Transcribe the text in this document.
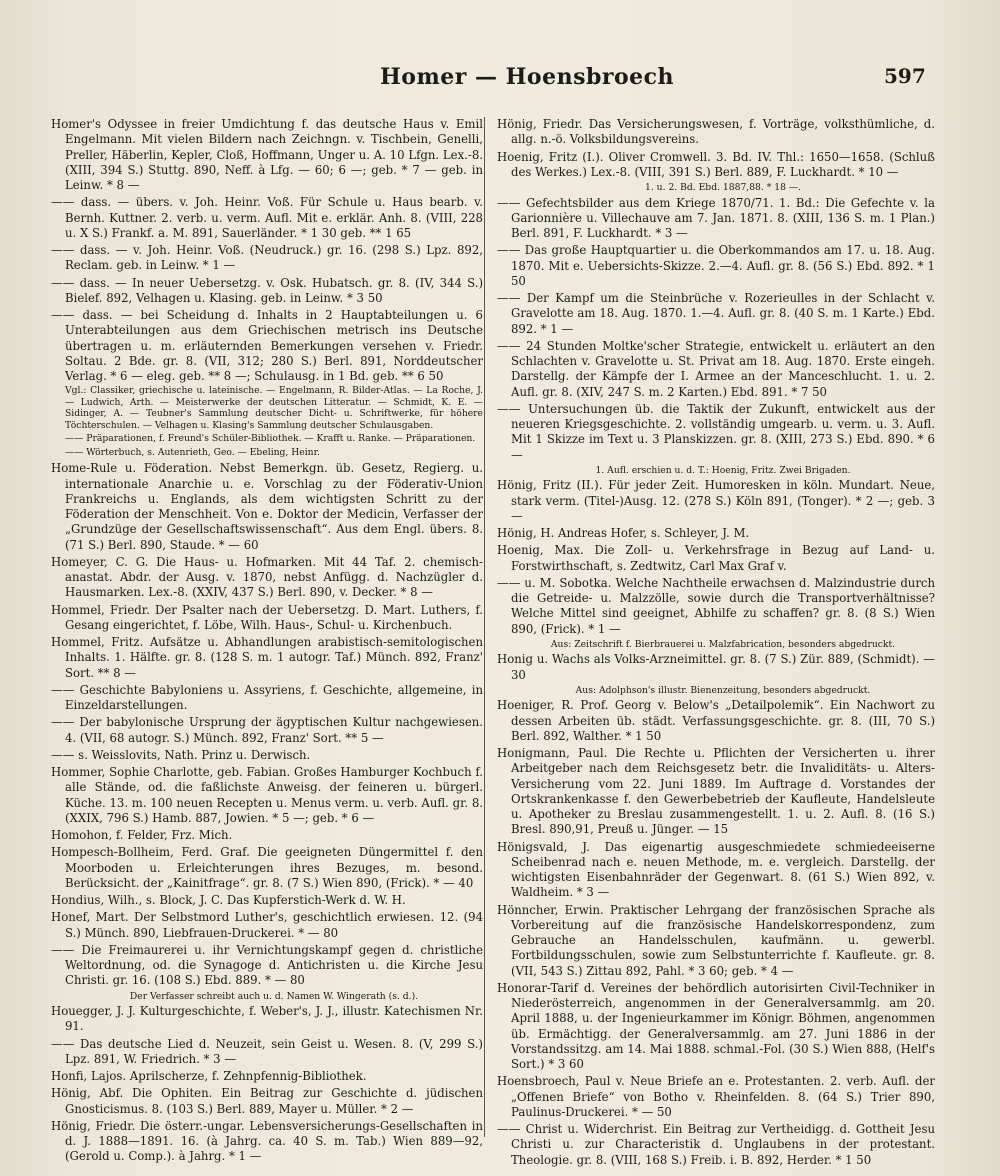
Homer — Hoensbroech	597
Homer's Odyssee in freier Umdichtung f. das deutsche Haus v. Emil Engelmann. Mit vielen Bildern nach Zeichngn. v. Tischbein, Genelli, Preller, Häberlin, Kepler, Cloß, Hoffmann, Unger u. A. 10 Lfgn. Lex.-8. (XIII, 394 S.) Stuttg. 890, Neff. à Lfg. — 60; 6 —; geb. * 7 — geb. in Leinw. * 8 —
—— dass. — übers. v. Joh. Heinr. Voß. Für Schule u. Haus bearb. v. Bernh. Kuttner. 2. verb. u. verm. Aufl. Mit e. erklär. Anh. 8. (VIII, 228 u. X S.) Frankf. a. M. 891, Sauerländer. * 1 30 geb. ** 1 65
—— dass. — v. Joh. Heinr. Voß. (Neudruck.) gr. 16. (298 S.) Lpz. 892, Reclam. geb. in Leinw. * 1 —
—— dass. — In neuer Uebersetzg. v. Osk. Hubatsch. gr. 8. (IV, 344 S.) Bielef. 892, Velhagen u. Klasing. geb. in Leinw. * 3 50
—— dass. — bei Scheidung d. Inhalts in 2 Hauptabteilungen u. 6 Unterabteilungen aus dem Griechischen metrisch ins Deutsche übertragen u. m. erläuternden Bemerkungen versehen v. Friedr. Soltau. 2 Bde. gr. 8. (VII, 312; 280 S.) Berl. 891, Norddeutscher Verlag. * 6 — eleg. geb. ** 8 —; Schulausg. in 1 Bd. geb. ** 6 50
Vgl.: Classiker, griechische u. lateinische. — Engelmann, R. Bilder-Atlas. — La Roche, J. — Ludwich, Arth. — Meisterwerke der deutschen Litteratur. — Schmidt, K. E. — Sidinger, A. — Teubner's Sammlung deutscher Dicht- u. Schriftwerke, für höhere Töchterschulen. — Velhagen u. Klasing's Sammlung deutscher Schulausgaben.
—— Präparationen, f. Freund's Schüler-Bibliothek. — Krafft u. Ranke. — Präparationen.
—— Wörterbuch, s. Autenrieth, Geo. — Ebeling, Heinr.
Home-Rule u. Föderation. Nebst Bemerkgn. üb. Gesetz, Regierg. u. internationale Anarchie u. e. Vorschlag zu der Föderativ-Union Frankreichs u. Englands, als dem wichtigsten Schritt zu der Föderation der Menschheit. Von e. Doktor der Medicin, Verfasser der „Grundzüge der Gesellschaftswissenschaft“. Aus dem Engl. übers. 8. (71 S.) Berl. 890, Staude. * — 60
Homeyer, C. G. Die Haus- u. Hofmarken. Mit 44 Taf. 2. chemisch-anastat. Abdr. der Ausg. v. 1870, nebst Anfügg. d. Nachzügler d. Hausmarken. Lex.-8. (XXIV, 437 S.) Berl. 890, v. Decker. * 8 —
Hommel, Friedr. Der Psalter nach der Uebersetzg. D. Mart. Luthers, f. Gesang eingerichtet, f. Löbe, Wilh. Haus-, Schul- u. Kirchenbuch.
Hommel, Fritz. Aufsätze u. Abhandlungen arabistisch-semitologischen Inhalts. 1. Hälfte. gr. 8. (128 S. m. 1 autogr. Taf.) Münch. 892, Franz' Sort. ** 8 —
—— Geschichte Babyloniens u. Assyriens, f. Geschichte, allgemeine, in Einzeldarstellungen.
—— Der babylonische Ursprung der ägyptischen Kultur nachgewiesen. 4. (VII, 68 autogr. S.) Münch. 892, Franz' Sort. ** 5 —
—— s. Weisslovits, Nath. Prinz u. Derwisch.
Hommer, Sophie Charlotte, geb. Fabian. Großes Hamburger Kochbuch f. alle Stände, od. die faßlichste Anweisg. der feineren u. bürgerl. Küche. 13. m. 100 neuen Recepten u. Menus verm. u. verb. Aufl. gr. 8. (XXIX, 796 S.) Hamb. 887, Jowien. * 5 —; geb. * 6 —
Homohon, f. Felder, Frz. Mich.
Hompesch-Bollheim, Ferd. Graf. Die geeigneten Düngermittel f. den Moorboden u. Erleichterungen ihres Bezuges, m. besond. Berücksicht. der „Kainitfrage“. gr. 8. (7 S.) Wien 890, (Frick). * — 40
Hondius, Wilh., s. Block, J. C. Das Kupferstich-Werk d. W. H.
Honef, Mart. Der Selbstmord Luther's, geschichtlich erwiesen. 12. (94 S.) Münch. 890, Liebfrauen-Druckerei. * — 80
—— Die Freimaurerei u. ihr Vernichtungskampf gegen d. christliche Weltordnung, od. die Synagoge d. Antichristen u. die Kirche Jesu Christi. gr. 16. (108 S.) Ebd. 889. * — 80
Der Verfasser schreibt auch u. d. Namen W. Wingerath (s. d.).
Houegger, J. J. Kulturgeschichte, f. Weber's, J. J., illustr. Katechismen Nr. 91.
—— Das deutsche Lied d. Neuzeit, sein Geist u. Wesen. 8. (V, 299 S.) Lpz. 891, W. Friedrich. * 3 —
Honfi, Lajos. Aprilscherze, f. Zehnpfennig-Bibliothek.
Hönig, Abf. Die Ophiten. Ein Beitrag zur Geschichte d. jüdischen Gnosticismus. 8. (103 S.) Berl. 889, Mayer u. Müller. * 2 —
Hönig, Friedr. Die österr.-ungar. Lebensversicherungs-Gesellschaften in d. J. 1888—1891. 16. (à Jahrg. ca. 40 S. m. Tab.) Wien 889—92, (Gerold u. Comp.). à Jahrg. * 1 —
Hönig, Friedr. Das Versicherungswesen, f. Vorträge, volksthümliche, d. allg. n.-ö. Volksbildungsvereins.
Hoenig, Fritz (I.). Oliver Cromwell. 3. Bd. IV. Thl.: 1650—1658. (Schluß des Werkes.) Lex.-8. (VIII, 391 S.) Berl. 889, F. Luckhardt. * 10 —
1. u. 2. Bd. Ebd. 1887,88. * 18 —.
—— Gefechtsbilder aus dem Kriege 1870/71. 1. Bd.: Die Gefechte v. la Garionnière u. Villechauve am 7. Jan. 1871. 8. (XIII, 136 S. m. 1 Plan.) Berl. 891, F. Luckhardt. * 3 —
—— Das große Hauptquartier u. die Oberkommandos am 17. u. 18. Aug. 1870. Mit e. Uebersichts-Skizze. 2.—4. Aufl. gr. 8. (56 S.) Ebd. 892. * 1 50
—— Der Kampf um die Steinbrüche v. Rozerieulles in der Schlacht v. Gravelotte am 18. Aug. 1870. 1.—4. Aufl. gr. 8. (40 S. m. 1 Karte.) Ebd. 892. * 1 —
—— 24 Stunden Moltke'scher Strategie, entwickelt u. erläutert an den Schlachten v. Gravelotte u. St. Privat am 18. Aug. 1870. Erste eingeh. Darstellg. der Kämpfe der I. Armee an der Manceschlucht. 1. u. 2. Aufl. gr. 8. (XIV, 247 S. m. 2 Karten.) Ebd. 891. * 7 50
—— Untersuchungen üb. die Taktik der Zukunft, entwickelt aus der neueren Kriegsgeschichte. 2. vollständig umgearb. u. verm. u. 3. Aufl. Mit 1 Skizze im Text u. 3 Planskizzen. gr. 8. (XIII, 273 S.) Ebd. 890. * 6 —
1. Aufl. erschien u. d. T.: Hoenig, Fritz. Zwei Brigaden.
Hönig, Fritz (II.). Für jeder Zeit. Humoresken in köln. Mundart. Neue, stark verm. (Titel-)Ausg. 12. (278 S.) Köln 891, (Tonger). * 2 —; geb. 3 —
Hönig, H. Andreas Hofer, s. Schleyer, J. M.
Hoenig, Max. Die Zoll- u. Verkehrsfrage in Bezug auf Land- u. Forstwirthschaft, s. Zedtwitz, Carl Max Graf v.
—— u. M. Sobotka. Welche Nachtheile erwachsen d. Malzindustrie durch die Getreide- u. Malzzölle, sowie durch die Transportverhältnisse? Welche Mittel sind geeignet, Abhilfe zu schaffen? gr. 8. (8 S.) Wien 890, (Frick). * 1 —
Aus: Zeitschrift f. Bierbrauerei u. Malzfabrication, besonders abgedruckt.
Honig u. Wachs als Volks-Arzneimittel. gr. 8. (7 S.) Zür. 889, (Schmidt). — 30
Aus: Adolphson's illustr. Bienenzeitung, besonders abgedruckt.
Hoeniger, R. Prof. Georg v. Below's „Detailpolemik“. Ein Nachwort zu dessen Arbeiten üb. städt. Verfassungsgeschichte. gr. 8. (III, 70 S.) Berl. 892, Walther. * 1 50
Honigmann, Paul. Die Rechte u. Pflichten der Versicherten u. ihrer Arbeitgeber nach dem Reichsgesetz betr. die Invaliditäts- u. Alters-Versicherung vom 22. Juni 1889. Im Auftrage d. Vorstandes der Ortskrankenkasse f. den Gewerbebetrieb der Kaufleute, Handelsleute u. Apotheker zu Breslau zusammengestellt. 1. u. 2. Aufl. 8. (16 S.) Bresl. 890,91, Preuß u. Jünger. — 15
Hönigsvald, J. Das eigenartig ausgeschmiedete schmiedeeiserne Scheibenrad nach e. neuen Methode, m. e. vergleich. Darstellg. der wichtigsten Eisenbahnräder der Gegenwart. 8. (61 S.) Wien 892, v. Waldheim. * 3 —
Hönncher, Erwin. Praktischer Lehrgang der französischen Sprache als Vorbereitung auf die französische Handelskorrespondenz, zum Gebrauche an Handelsschulen, kaufmänn. u. gewerbl. Fortbildungsschulen, sowie zum Selbstunterrichte f. Kaufleute. gr. 8. (VII, 543 S.) Zittau 892, Pahl. * 3 60; geb. * 4 —
Honorar-Tarif d. Vereines der behördlich autorisirten Civil-Techniker in Niederösterreich, angenommen in der Generalversammlg. am 20. April 1888, u. der Ingenieurkammer im Königr. Böhmen, angenommen üb. Ermächtigg. der Generalversammlg. am 27. Juni 1886 in der Vorstandssitzg. am 14. Mai 1888. schmal.-Fol. (30 S.) Wien 888, (Helf's Sort.) * 3 60
Hoensbroech, Paul v. Neue Briefe an e. Protestanten. 2. verb. Aufl. der „Offenen Briefe“ von Botho v. Rheinfelden. 8. (64 S.) Trier 890, Paulinus-Druckerei. * — 50
—— Christ u. Widerchrist. Ein Beitrag zur Vertheidigg. d. Gottheit Jesu Christi u. zur Characteristik d. Unglaubens in der protestant. Theologie. gr. 8. (VIII, 168 S.) Freib. i. B. 892, Herder. * 1 50
